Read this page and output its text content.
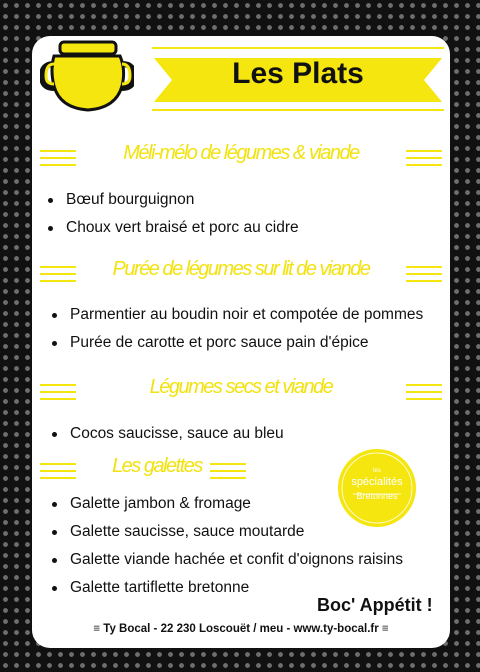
Les Plats
Méli-mélo de légumes & viande
Bœuf bourguignon
Choux vert braisé et porc au cidre
Purée de légumes sur lit de viande
Parmentier au boudin noir et compotée de pommes
Purée de carotte et porc sauce pain d'épice
Légumes secs et viande
Cocos saucisse, sauce au bleu
Les galettes
Galette jambon & fromage
Galette saucisse, sauce moutarde
Galette viande hachée et confit d'oignons raisins
Galette tartiflette bretonne
les
spécialités
Bretonnes
Boc' Appétit !
≡ Ty Bocal - 22 230 Loscouët / meu - www.ty-bocal.fr ≡
